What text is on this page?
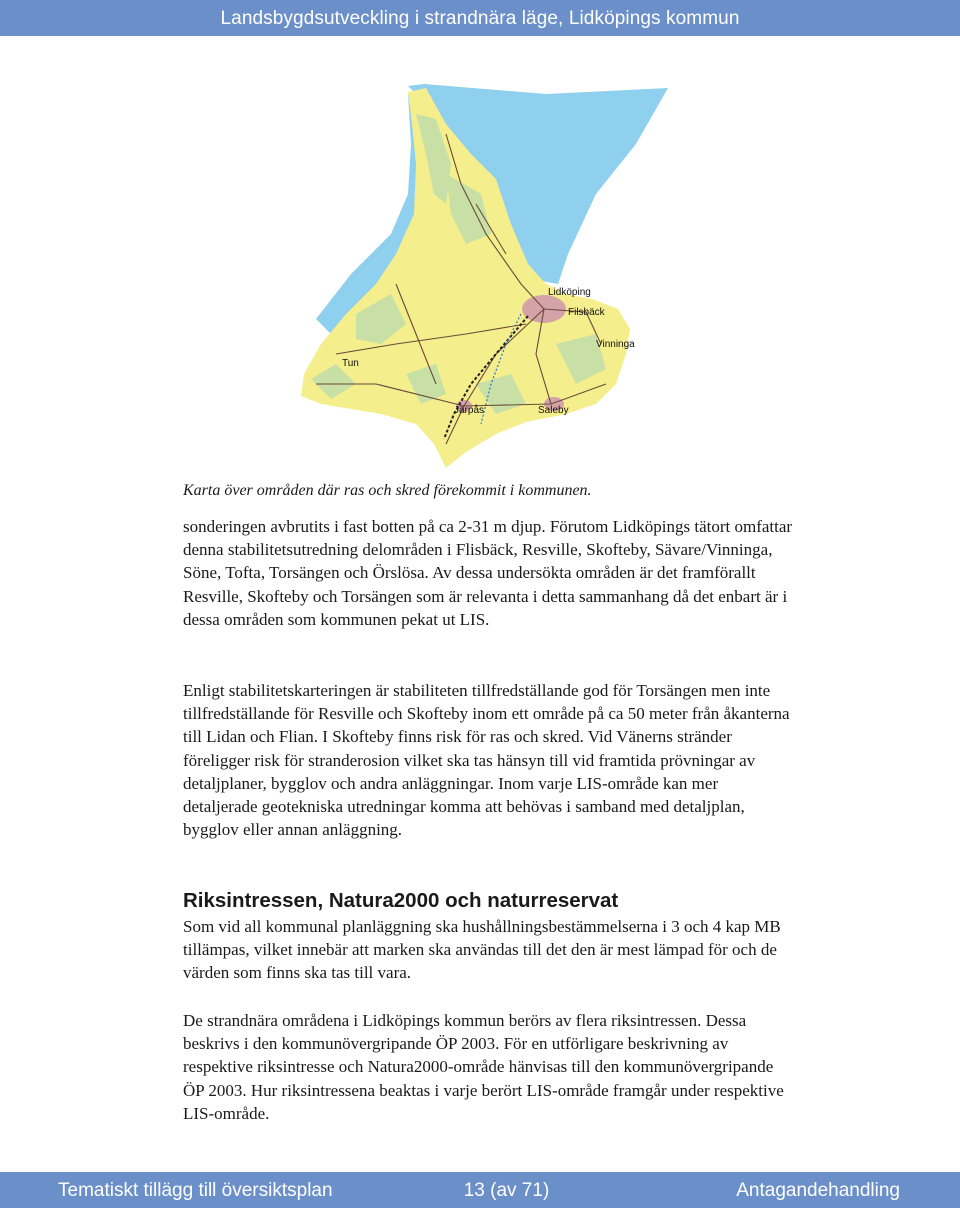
Landsbygdsutveckling i strandnära läge, Lidköpings kommun
Lidköping
Filsbäck
Vinninga
Tun
Järpås	Saleby
Karta över områden där ras och skred förekommit i kommunen.

sonderingen avbrutits i fast botten på ca 2-31 m djup. Förutom Lidköpings tätort omfattar denna stabilitetsutredning delområden i Flisbäck, Resville, Skofteby, Sävare/Vinninga, Söne, Tofta, Torsängen och Örslösa. Av dessa undersökta områden är det framförallt Resville, Skofteby och Torsängen som är relevanta i detta sammanhang då det enbart är i dessa områden som kommunen pekat ut LIS.

Enligt stabilitetskarteringen är stabiliteten tillfredställande god för Torsängen men inte tillfredställande för Resville och Skofteby inom ett område på ca 50 meter från åkanterna till Lidan och Flian. I Skofteby finns risk för ras och skred. Vid Vänerns stränder föreligger risk för stranderosion vilket ska tas hänsyn till vid framtida prövningar av detaljplaner, bygglov och andra anläggningar. Inom varje LIS-område kan mer detaljerade geotekniska utredningar komma att behövas i samband med detaljplan, bygglov eller annan anläggning.

Riksintressen, Natura2000 och naturreservat

Som vid all kommunal planläggning ska hushållningsbestämmelserna i 3 och 4 kap MB tillämpas, vilket innebär att marken ska användas till det den är mest lämpad för och de värden som finns ska tas till vara.

De strandnära områdena i Lidköpings kommun berörs av flera riksintressen. Dessa beskrivs i den kommunövergripande ÖP 2003. För en utförligare beskrivning av respektive riksintresse och Natura2000-område hänvisas till den kommunövergripande ÖP 2003. Hur riksintressena beaktas i varje berört LIS-område framgår under respektive LIS-område.

Tematiskt tillägg till översiktsplan	13 (av 71)	Antagandehandling
